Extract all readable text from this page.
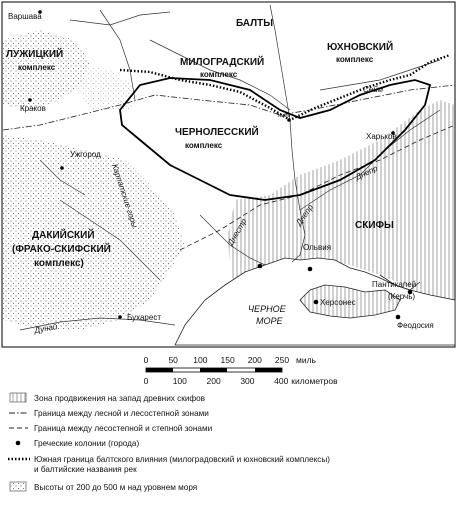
БАЛТЫ
ЛУЖИЦКИЙ
комплекс	МИЛОГРАДСКИЙ
комплекс
ЮХНОВСКИЙ
комплекс
ЧЕРНОЛЕССКИЙ
комплекс
ДАКИЙСКИЙ
(ФРАКО-СКИФСКИЙ
комплекс)
СКИФЫ
Варшава
Краков
Ужгород
Киев
Харьков
Ольвия
Херсонес
Пантикапей
(Керчь)
Феодосия
Бухарест
Сейм
Днепр
Днепр
Днестр
Дунай
Карпатские горы
ЧЕРНОЕ
МОРЕ
0 50 100 150 200 250 миль
0	100 200 300 400 километров
Зона продвижения на запад древних скифов
Граница между лесной и лесостепной зонами
Граница между лесостепной и степной зонами
Греческие колонии (города)
Южная граница балтского влияния (милоградовский и юхновский комплексы)
и балтийские названия рек
Высоты от 200 до 500 м над уровнем моря
